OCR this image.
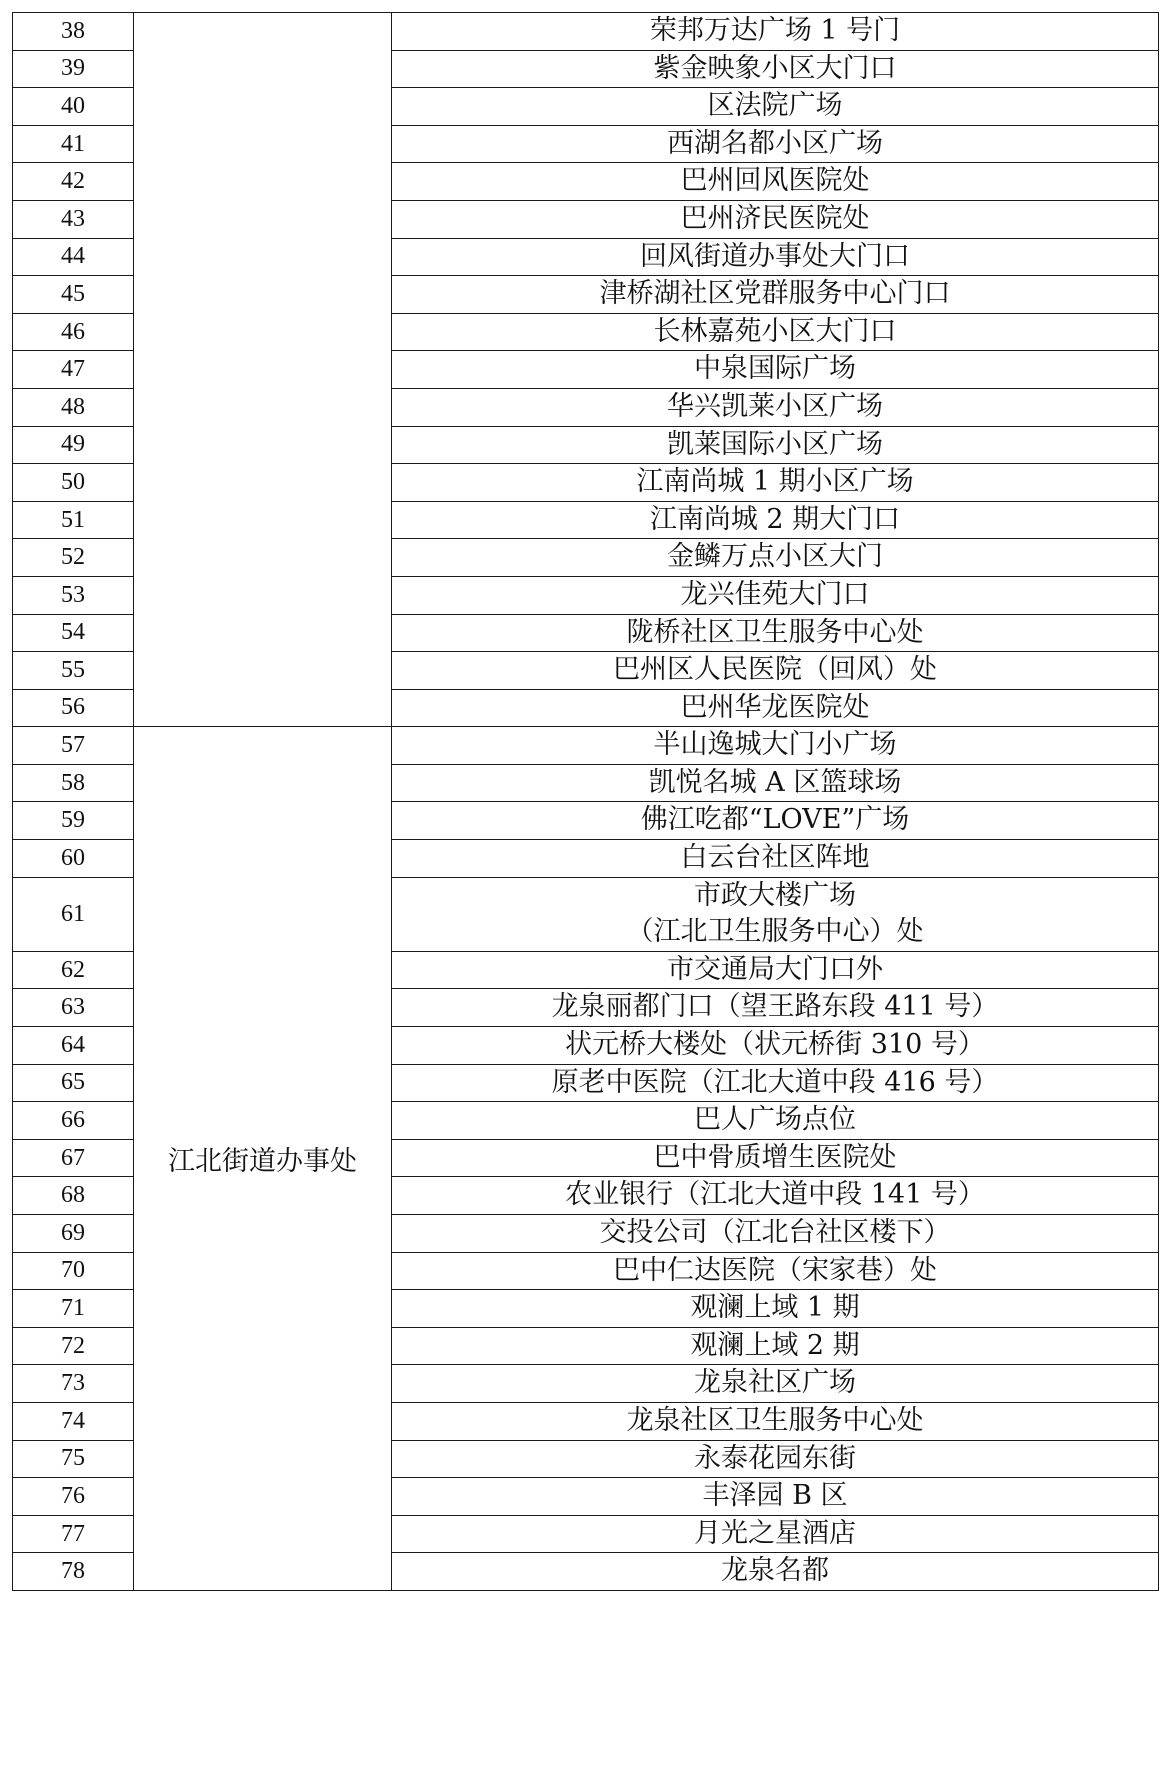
38		荣邦万达广场 1 号门

39		紫金映象小区大门口

40		区法院广场

41		西湖名都小区广场

42		巴州回风医院处

43		巴州济民医院处

44		回风街道办事处大门口

45		津桥湖社区党群服务中心门口

46		长林嘉苑小区大门口

47		中泉国际广场

48		华兴凯莱小区广场

49		凯莱国际小区广场

50		江南尚城 1 期小区广场

51		江南尚城 2 期大门口

52		金鳞万点小区大门

53		龙兴佳苑大门口

54		陇桥社区卫生服务中心处

55		巴州区人民医院（回风）处

56		巴州华龙医院处

57	江北街道办事处	半山逸城大门小广场

58		凯悦名城 A 区篮球场

59		佛江吃都“LOVE”广场

60		白云台社区阵地

61		市政大楼广场
（江北卫生服务中心）处

62		市交通局大门口外

63		龙泉丽都门口（望王路东段 411 号）

64		状元桥大楼处（状元桥街 310 号）

65		原老中医院（江北大道中段 416 号）

66		巴人广场点位

67		巴中骨质增生医院处

68		农业银行（江北大道中段 141 号）

69		交投公司（江北台社区楼下）

70		巴中仁达医院（宋家巷）处

71		观澜上域 1 期

72		观澜上域 2 期

73		龙泉社区广场

74		龙泉社区卫生服务中心处

75		永泰花园东街

76		丰泽园 B 区

77		月光之星酒店

78		龙泉名都
